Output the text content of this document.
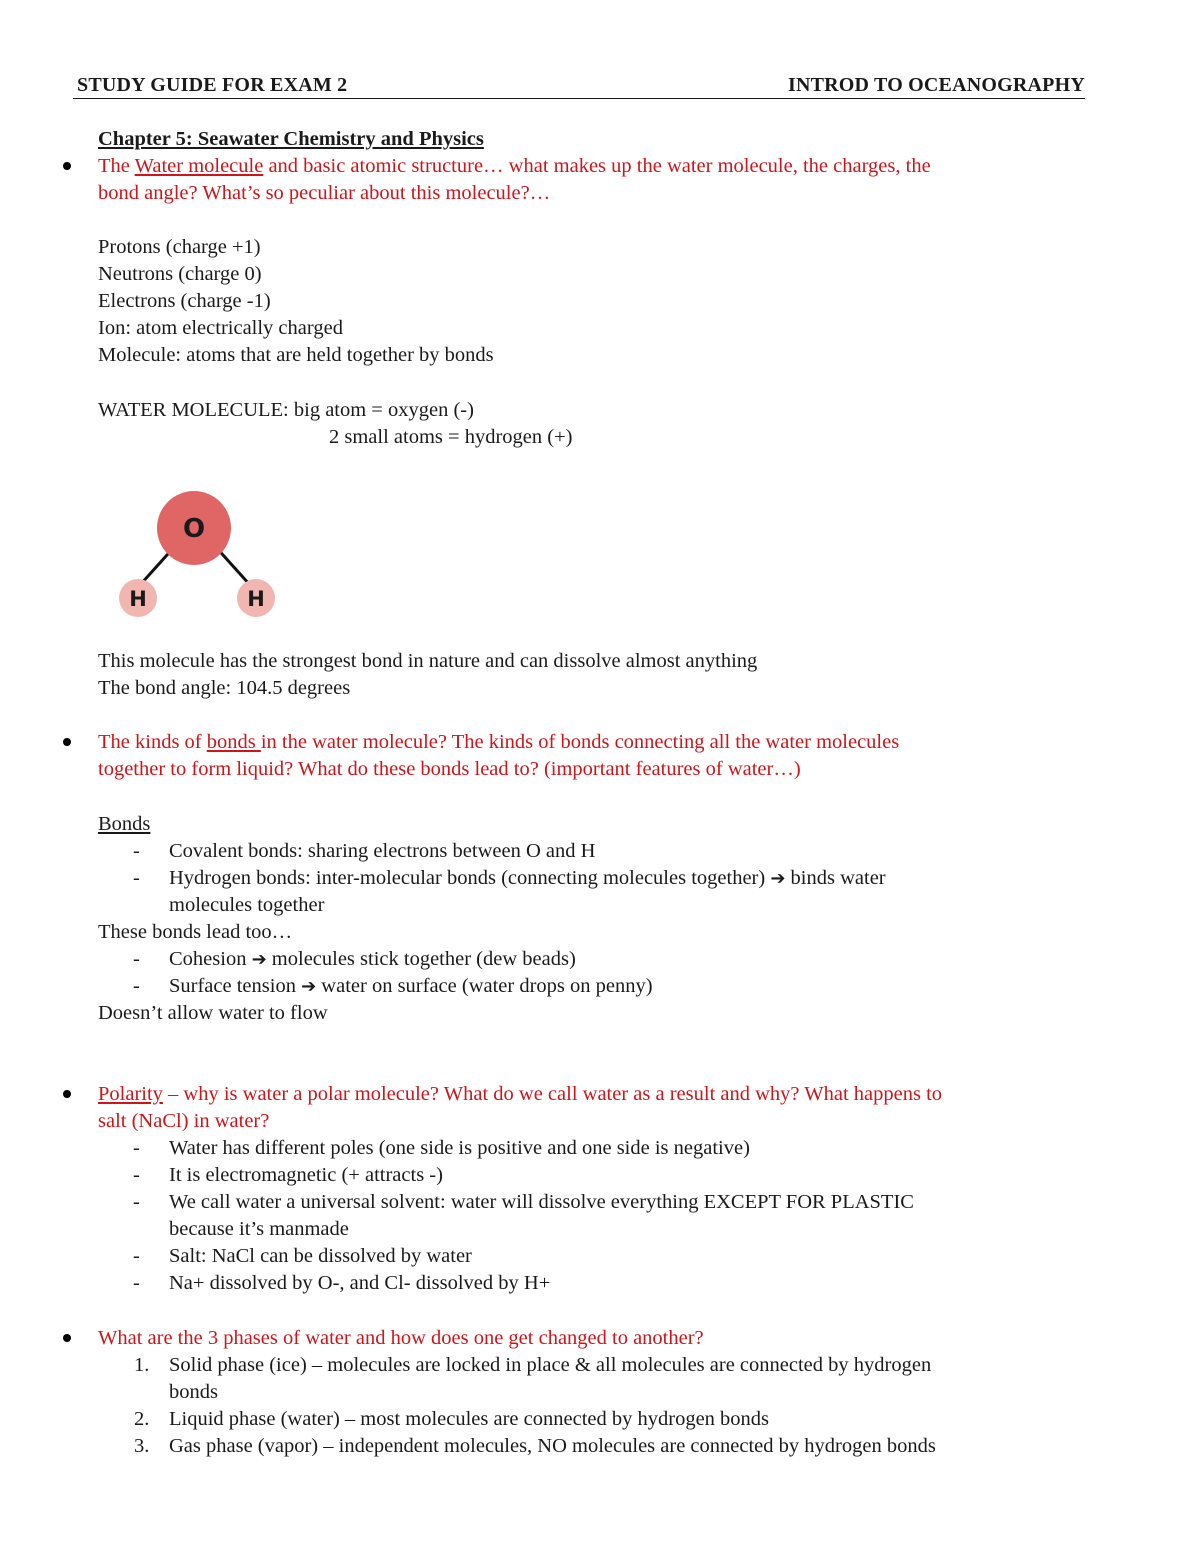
STUDY GUIDE FOR EXAM 2	INTROD TO OCEANOGRAPHY
Chapter 5: Seawater Chemistry and Physics
The Water molecule and basic atomic structure… what makes up the water molecule, the charges, the
bond angle? What’s so peculiar about this molecule?…
Protons (charge +1)
Neutrons (charge 0)
Electrons (charge -1)
Ion: atom electrically charged
Molecule: atoms that are held together by bonds
WATER MOLECULE: big atom = oxygen (-)
2 small atoms = hydrogen (+)
O
H	H
This molecule has the strongest bond in nature and can dissolve almost anything
The bond angle: 104.5 degrees
The kinds of bonds in the water molecule? The kinds of bonds connecting all the water molecules
together to form liquid? What do these bonds lead to? (important features of water…)
Bonds
- Covalent bonds: sharing electrons between O and H
- Hydrogen bonds: inter-molecular bonds (connecting molecules together) ➔ binds water
molecules together
These bonds lead too…
- Cohesion ➔ molecules stick together (dew beads)
- Surface tension ➔ water on surface (water drops on penny)
Doesn’t allow water to flow
Polarity – why is water a polar molecule? What do we call water as a result and why? What happens to
salt (NaCl) in water?
- Water has different poles (one side is positive and one side is negative)
- It is electromagnetic (+ attracts -)
- We call water a universal solvent: water will dissolve everything EXCEPT FOR PLASTIC
because it’s manmade
- Salt: NaCl can be dissolved by water
- Na+ dissolved by O-, and Cl- dissolved by H+
What are the 3 phases of water and how does one get changed to another?
1. Solid phase (ice) – molecules are locked in place & all molecules are connected by hydrogen
bonds
2. Liquid phase (water) – most molecules are connected by hydrogen bonds
3. Gas phase (vapor) – independent molecules, NO molecules are connected by hydrogen bonds
